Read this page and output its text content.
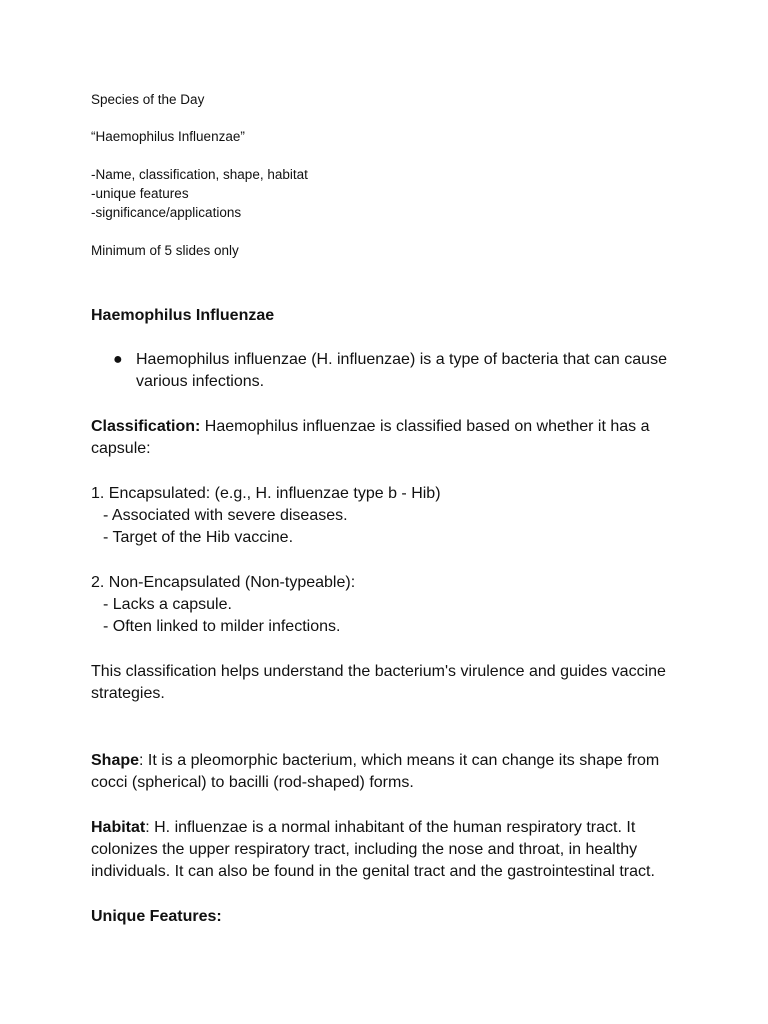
Species of the Day
“Haemophilus Influenzae”
-Name, classification, shape, habitat
-unique features
-significance/applications
Minimum of 5 slides only
Haemophilus Influenzae
● Haemophilus influenzae (H. influenzae) is a type of bacteria that can cause
various infections.
Classification: Haemophilus influenzae is classified based on whether it has a
capsule:
1. Encapsulated: (e.g., H. influenzae type b - Hib)
- Associated with severe diseases.
- Target of the Hib vaccine.
2. Non-Encapsulated (Non-typeable):
- Lacks a capsule.
- Often linked to milder infections.
This classification helps understand the bacterium's virulence and guides vaccine
strategies.
Shape: It is a pleomorphic bacterium, which means it can change its shape from
cocci (spherical) to bacilli (rod-shaped) forms.
Habitat: H. influenzae is a normal inhabitant of the human respiratory tract. It
colonizes the upper respiratory tract, including the nose and throat, in healthy
individuals. It can also be found in the genital tract and the gastrointestinal tract.
Unique Features:
